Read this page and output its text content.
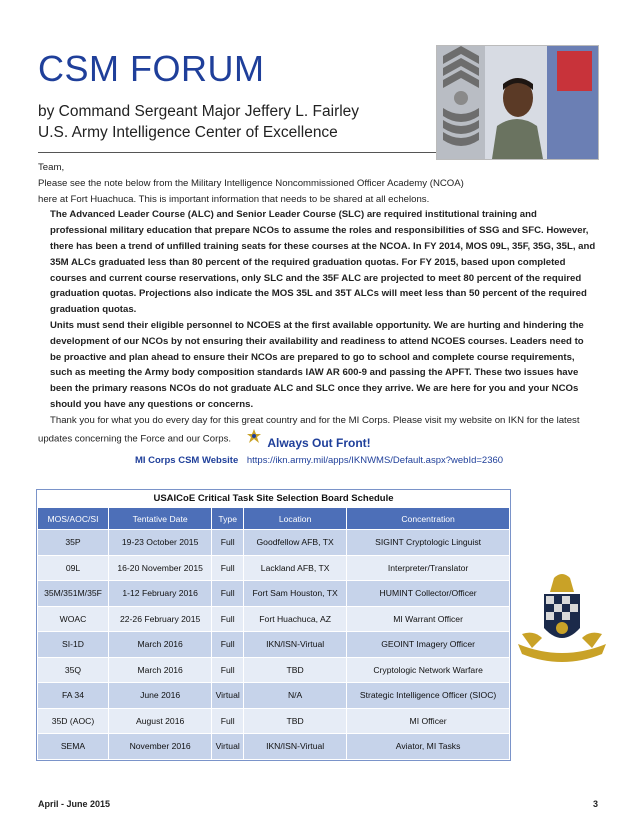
CSM FORUM
by Command Sergeant Major Jeffery L. Fairley
U.S. Army Intelligence Center of Excellence

Team,

Please see the note below from the Military Intelligence Noncommissioned Officer Academy (NCOA)

here at Fort Huachuca. This is important information that needs to be shared at all echelons.

The Advanced Leader Course (ALC) and Senior Leader Course (SLC) are required institutional training and professional military education that prepare NCOs to assume the roles and responsibilities of SSG and SFC. However, there has been a trend of unfilled training seats for these courses at the NCOA. In FY 2014, MOS 09L, 35F, 35G, 35L, and 35M ALCs graduated less than 80 percent of the required graduation quotas. For FY 2015, based upon completed courses and current course reservations, only SLC and the 35F ALC are projected to meet 80 percent of the required graduation quotas. Projections also indicate the MOS 35L and 35T ALCs will meet less than 50 percent of the required graduation quotas.

Units must send their eligible personnel to NCOES at the first available opportunity. We are hurting and hindering the development of our NCOs by not ensuring their availability and readiness to attend NCOES courses. Leaders need to be proactive and plan ahead to ensure their NCOs are prepared to go to school and complete course requirements, such as meeting the Army body composition standards IAW AR 600-9 and passing the APFT. These two issues have been the primary reasons NCOs do not graduate ALC and SLC once they arrive. We are here for you and your NCOs should you have any questions or concerns.

Thank you for what you do every day for this great country and for the MI Corps. Please visit my website on IKN for the latest updates concerning the Force and our Corps.	Always Out Front!
MI Corps CSM Website https://ikn.army.mil/apps/IKNWMS/Default.aspx?webId=2360
USAICoE Critical Task Site Selection Board Schedule
MOS/AOC/SI	Tentative Date	Type	Location	Concentration
35P	19-23 October 2015	Full	Goodfellow AFB, TX	SIGINT Cryptologic Linguist
09L	16-20 November 2015	Full	Lackland AFB, TX	Interpreter/Translator
35M/351M/35F	1-12 February 2016	Full	Fort Sam Houston, TX	HUMINT Collector/Officer
WOAC	22-26 February 2015	Full	Fort Huachuca, AZ	MI Warrant Officer
SI-1D	March 2016	Full	IKN/ISN-Virtual	GEOINT Imagery Officer
35Q	March 2016	Full	TBD	Cryptologic Network Warfare
FA 34	June 2016	Virtual	N/A	Strategic Intelligence Officer (SIOC)
35D (AOC)	August 2016	Full	TBD	MI Officer
SEMA	November 2016	Virtual	IKN/ISN-Virtual	Aviator, MI Tasks
April - June 2015	3
